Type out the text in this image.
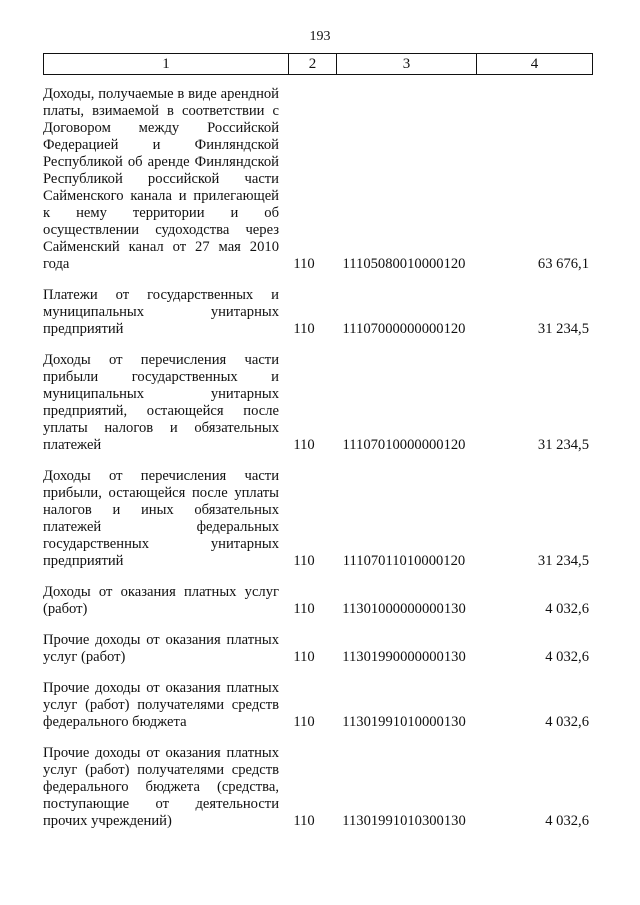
193
1	2	3	4
Доходы, получаемые в виде арендной платы, взимаемой в соответствии с Договором между Российской Федерацией и Финляндской Республикой об аренде Финляндской Республикой российской части Сайменского канала и прилегающей к нему территории и об осуществлении судоходства через Сайменский канал от 27 мая 2010 года	110	11105080010000120	63 676,1
Платежи от государственных и муниципальных унитарных предприятий	110	11107000000000120	31 234,5
Доходы от перечисления части прибыли государственных и муниципальных унитарных предприятий, остающейся после уплаты налогов и обязательных платежей	110	11107010000000120	31 234,5
Доходы от перечисления части прибыли, остающейся после уплаты налогов и иных обязательных платежей федеральных государственных унитарных предприятий	110	11107011010000120	31 234,5
Доходы от оказания платных услуг (работ)	110	11301000000000130	4 032,6
Прочие доходы от оказания платных услуг (работ)	110	11301990000000130	4 032,6
Прочие доходы от оказания платных услуг (работ) получателями средств федерального бюджета	110	11301991010000130	4 032,6
Прочие доходы от оказания платных услуг (работ) получателями средств федерального бюджета (средства, поступающие от деятельности прочих учреждений)	110	11301991010300130	4 032,6
